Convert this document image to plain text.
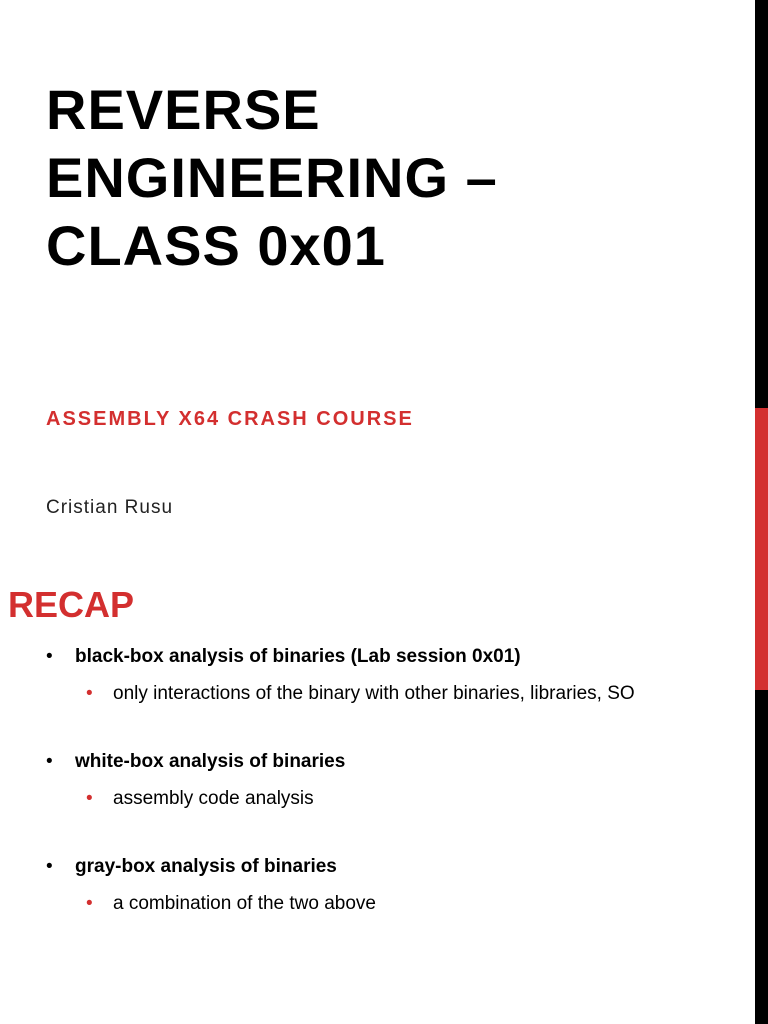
REVERSE
ENGINEERING –
CLASS 0x01

ASSEMBLY X64 CRASH COURSE

Cristian Rusu

RECAP
• black-box analysis of binaries (Lab session 0x01)
• only interactions of the binary with other binaries, libraries, SO
• white-box analysis of binaries
• assembly code analysis
• gray-box analysis of binaries
• a combination of the two above
